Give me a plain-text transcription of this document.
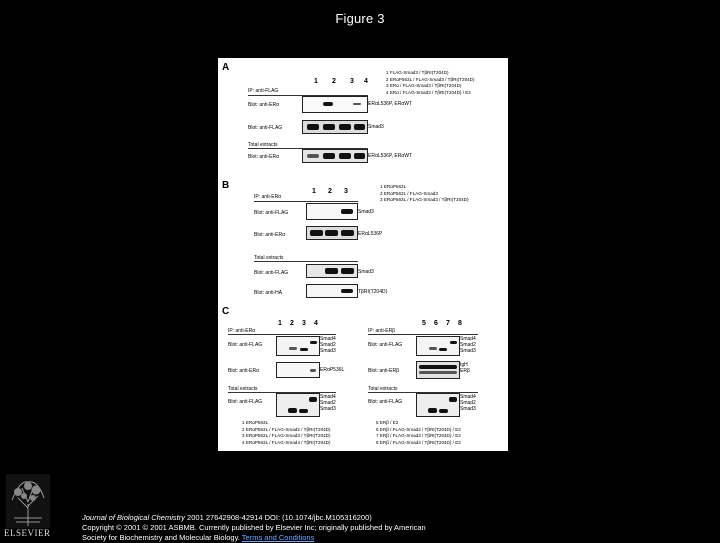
Figure 3
A
1	2	3	4
1 FLAG-Smad3 / TβRI(T204D)
2 ERαP563L / FLAG-Smad3 / TβRI(T204D)
3 ERα / FLAG-Smad3 / TβRI(T204D)
4 ERα / FLAG-Smad3 / TβRI(T204D) / E2
IP: anti-FLAG
Blot: anti-ERα	ERαL536P, ERαWT
Blot: anti-FLAG	Smad3
Total extracts
Blot: anti-ERα	ERαL536P, ERαWT
B
1	2	3
1 ERαP563L
2 ERαP563L / FLAG-Smad3
3 ERαP563L / FLAG-Smad3 / TβRI(T204D)
IP: anti-ERα
Blot: anti-FLAG	Smad3
Blot: anti-ERα	ERαL536P
Total extracts
Blot: anti-FLAG	Smad3
Blot: anti-HA	TβRI(T204D)
C
1	2	3	4
IP: anti-ERα
Blot: anti-FLAG
Smad4
Smad2
Smad3
Blot: anti-ERα	ERαP536L
Total extracts
Blot: anti-FLAG
Smad4
Smad2
Smad3
5	6	7	8
IP: anti-ERβ
Blot: anti-FLAG
Smad4
Smad2
Smad3
Blot: anti-ERβ
IgH
ERβ
Total extracts
Blot: anti-FLAG
Smad4
Smad2
Smad3
1 ERαP563L
2 ERαP563L / FLAG-Smad2 / TβRI(T204D)
3 ERαP563L / FLAG-Smad3 / TβRI(T204D)
4 ERαP563L / FLAG-Smad4 / TβRI(T204D)
5 ERβ / E2
6 ERβ / FLAG-Smad2 / TβRI(T204D) / E2
7 ERβ / FLAG-Smad3 / TβRI(T204D) / E2
8 ERβ / FLAG-Smad4 / TβRI(T204D) / E2
ELSEVIER
Journal of Biological Chemistry 2001 27642908-42914 DOI: (10.1074/jbc.M105316200)
Copyright © 2001 © 2001 ASBMB. Currently published by Elsevier Inc; originally published by American
Society for Biochemistry and Molecular Biology. Terms and Conditions
